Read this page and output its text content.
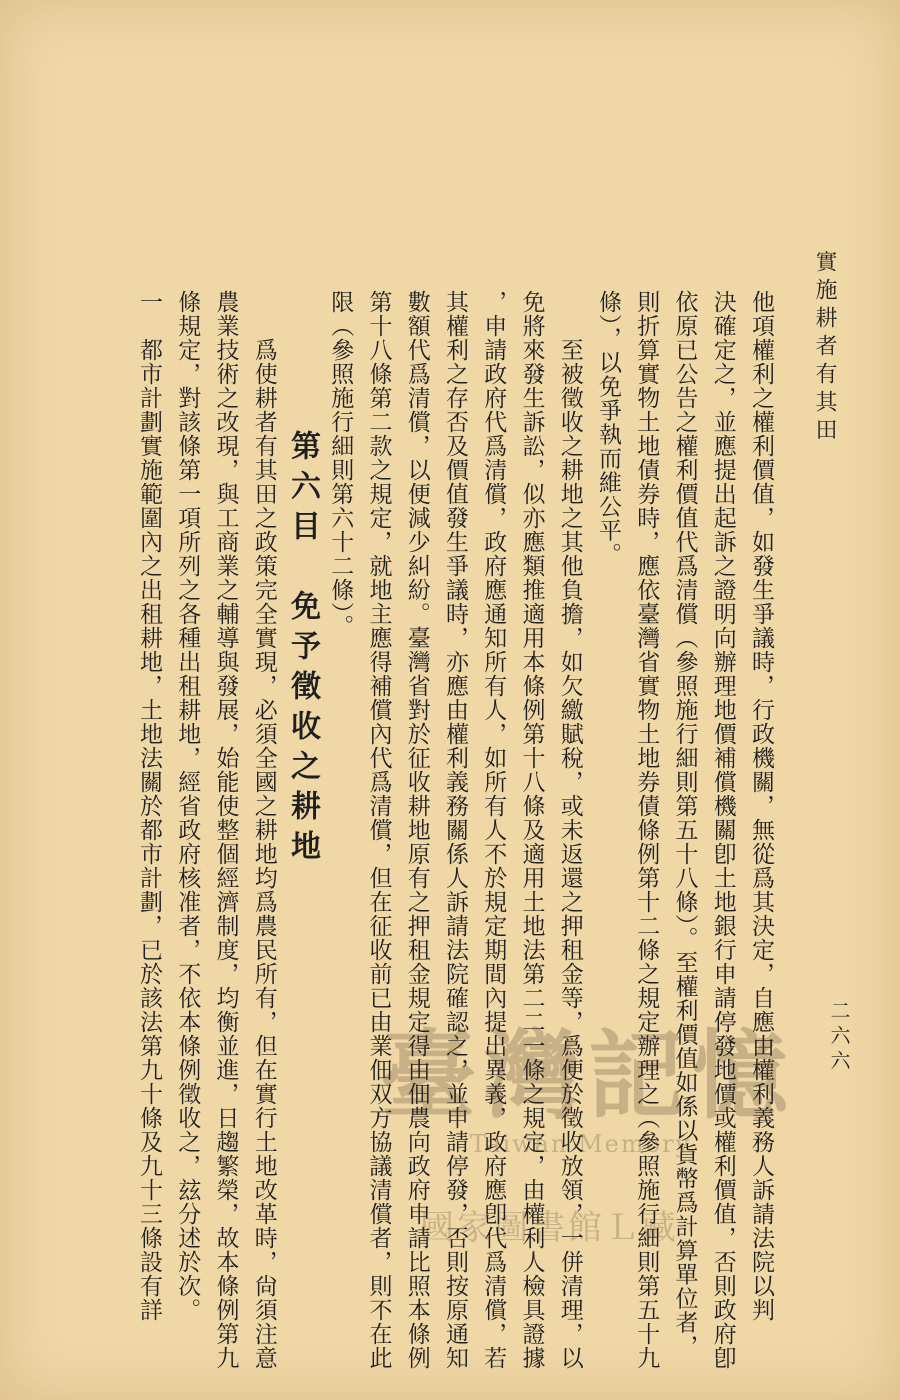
實施耕者有其田
二六六
他項權利之權利價值，如發生爭議時，行政機關，無從爲其決定，自應由權利義務人訴請法院以判
決確定之，並應提出起訴之證明向辦理地價補償機關卽土地銀行申請停發地價或權利價值，否則政府卽
依原已公告之權利價值代爲清償（參照施行細則第五十八條）。至權利價值如係以貨幣爲計算單位者，
則折算實物土地債券時，應依臺灣省實物土地券債條例第十二條之規定辦理之（參照施行細則第五十九
條），以免爭執而維公平。
至被徵收之耕地之其他負擔，如欠繳賦稅，或未返還之押租金等，爲便於徵收放領，一併清理，以
免將來發生訴訟，似亦應類推適用本條例第十八條及適用土地法第二二一條之規定，由權利人檢具證據
，申請政府代爲清償，政府應通知所有人，如所有人不於規定期間內提出異義，政府應卽代爲清償，若
其權利之存否及價值發生爭議時，亦應由權利義務關係人訴請法院確認之，並申請停發，否則按原通知
數額代爲清償，以便減少糾紛。臺灣省對於征收耕地原有之押租金規定得由佃農向政府申請比照本條例
第十八條第二款之規定，就地主應得補償內代爲清償，但在征收前已由業佃双方協議清償者，則不在此
限（參照施行細則第六十二條）。
第六目　免予徵收之耕地
爲使耕者有其田之政策完全實現，必須全國之耕地均爲農民所有，但在實行土地改革時，尙須注意
農業技術之改現，與工商業之輔導與發展，始能使整個經濟制度，均衡並進，日趨繁榮，故本條例第九
條規定，對該條第一項所列之各種出租耕地，經省政府核准者，不依本條例徵收之，玆分述於次。
一　都市計劃實施範圍內之出租耕地，土地法關於都市計劃，已於該法第九十條及九十三條設有詳 臺灣記憶
Taiwan Memory
國家圖書館Ｌ藏
